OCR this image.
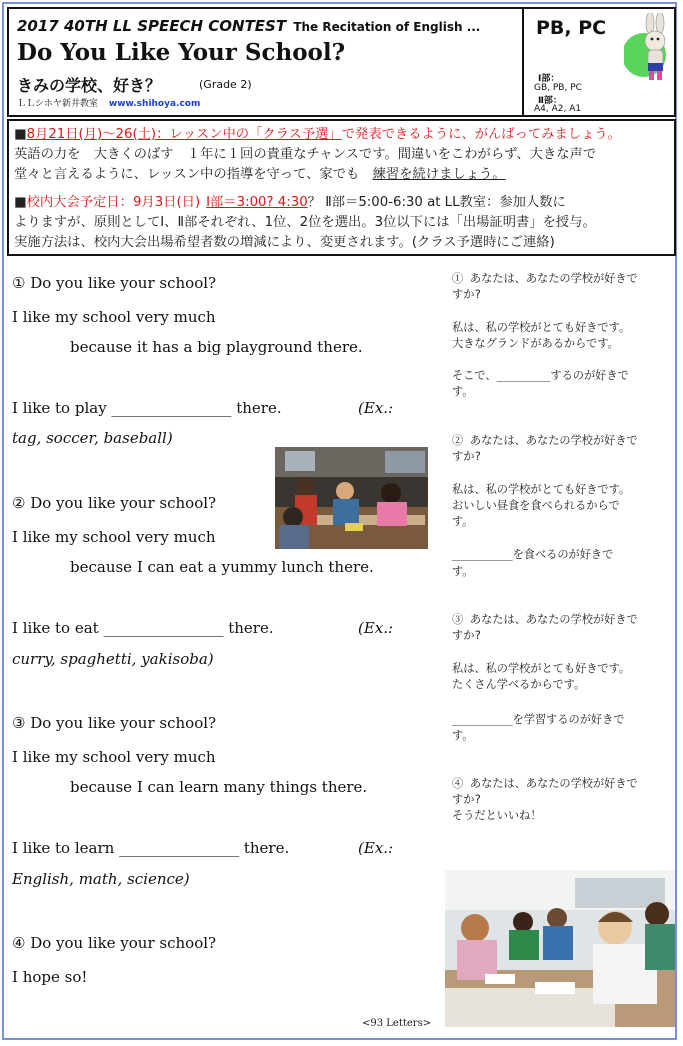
2017 40TH LL SPEECH CONTEST The Recitation of English ...
Do You Like Your School?
きみの学校、好き？	(Grade 2)
ＬＬシホヤ新井教室 www.shihoya.com
PB, PC
Ⅰ部：
GB, PB, PC
Ⅱ部：
A4, A2, A1
■8月21日(月)～26(土)：レッスン中の「クラス予選」で発表できるように、がんばってみましょう。
英語の力を　大きくのばす　１年に１回の貴重なチャンスです。間違いをこわがらず、大きな声で
堂々と言えるように、レッスン中の指導を守って、家でも　練習を続けましょう。
■校内大会予定日：9月3日(日) Ⅰ部＝3:00? 4:30？ Ⅱ部＝5:00-6:30 at LL教室：参加人数に
よりますが、原則としてⅠ、Ⅱ部それぞれ、1位、2位を選出。3位以下には「出場証明書」を授与。
実施方法は、校内大会出場希望者数の増減により、変更されます。(クラス予選時にご連絡)
① Do you like your school?
I like my school very much
because it has a big playground there.
I like to play ________________ there.	(Ex.:
tag, soccer, baseball)
① あなたは、あなたの学校が好きで
すか?
私は、私の学校がとても好きです。
大きなグランドがあるからです。
そこで、________するのが好きで
す。
② Do you like your school?
I like my school very much
because I can eat a yummy lunch there.
I like to eat ________________ there.	(Ex.:
curry, spaghetti, yakisoba)
② あなたは、あなたの学校が好きで
すか?
私は、私の学校がとても好きです。
おいしい昼食を食べられるからで
す。
_________を食べるのが好きで
す。
③ Do you like your school?
I like my school very much
because I can learn many things there.
I like to learn ________________ there.	(Ex.:
English, math, science)
③ あなたは、あなたの学校が好きで
すか?
私は、私の学校がとても好きです。
たくさん学べるからです。
_________を学習するのが好きで
す。
④ Do you like your school?
I hope so!
④ あなたは、あなたの学校が好きで
すか?
そうだといいね！
<93 Letters>
